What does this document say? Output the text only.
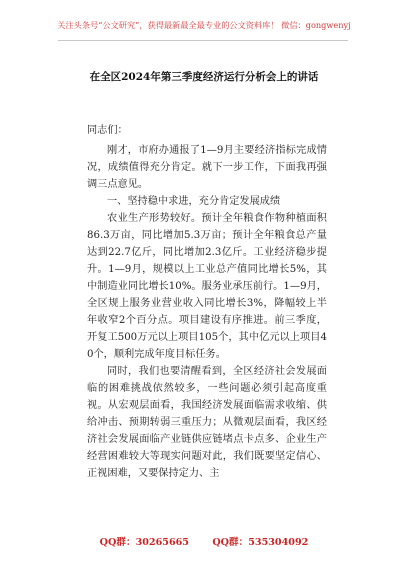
关注头条号“公文研究”，获得最新最全最专业的公文资料库！ 微信：gongwenyj
在全区2024年第三季度经济运行分析会上的讲话

同志们：

刚才，市府办通报了1—9月主要经济指标完成情况，成绩值得充分肯定。就下一步工作，下面我再强调三点意见。

一、坚持稳中求进，充分肯定发展成绩

农业生产形势较好。预计全年粮食作物种植面积86.3万亩，同比增加5.3万亩；预计全年粮食总产量达到22.7亿斤，同比增加2.3亿斤。工业经济稳步提升。1—9月，规模以上工业总产值同比增长5%，其中制造业同比增长10%。服务业承压前行。1—9月，全区规上服务业营业收入同比增长3%，降幅较上半年收窄2个百分点。项目建设有序推进。前三季度，开复工500万元以上项目105个，其中亿元以上项目40个，顺利完成年度目标任务。

同时，我们也要清醒看到，全区经济社会发展面临的困难挑战依然较多，一些问题必须引起高度重视。从宏观层面看，我国经济发展面临需求收缩、供给冲击、预期转弱三重压力；从微观层面看，我区经济社会发展面临产业链供应链堵点卡点多、企业生产经营困难较大等现实问题对此，我们既要坚定信心、正视困难，又要保持定力、主

QQ群：30265665 QQ群：535304092
